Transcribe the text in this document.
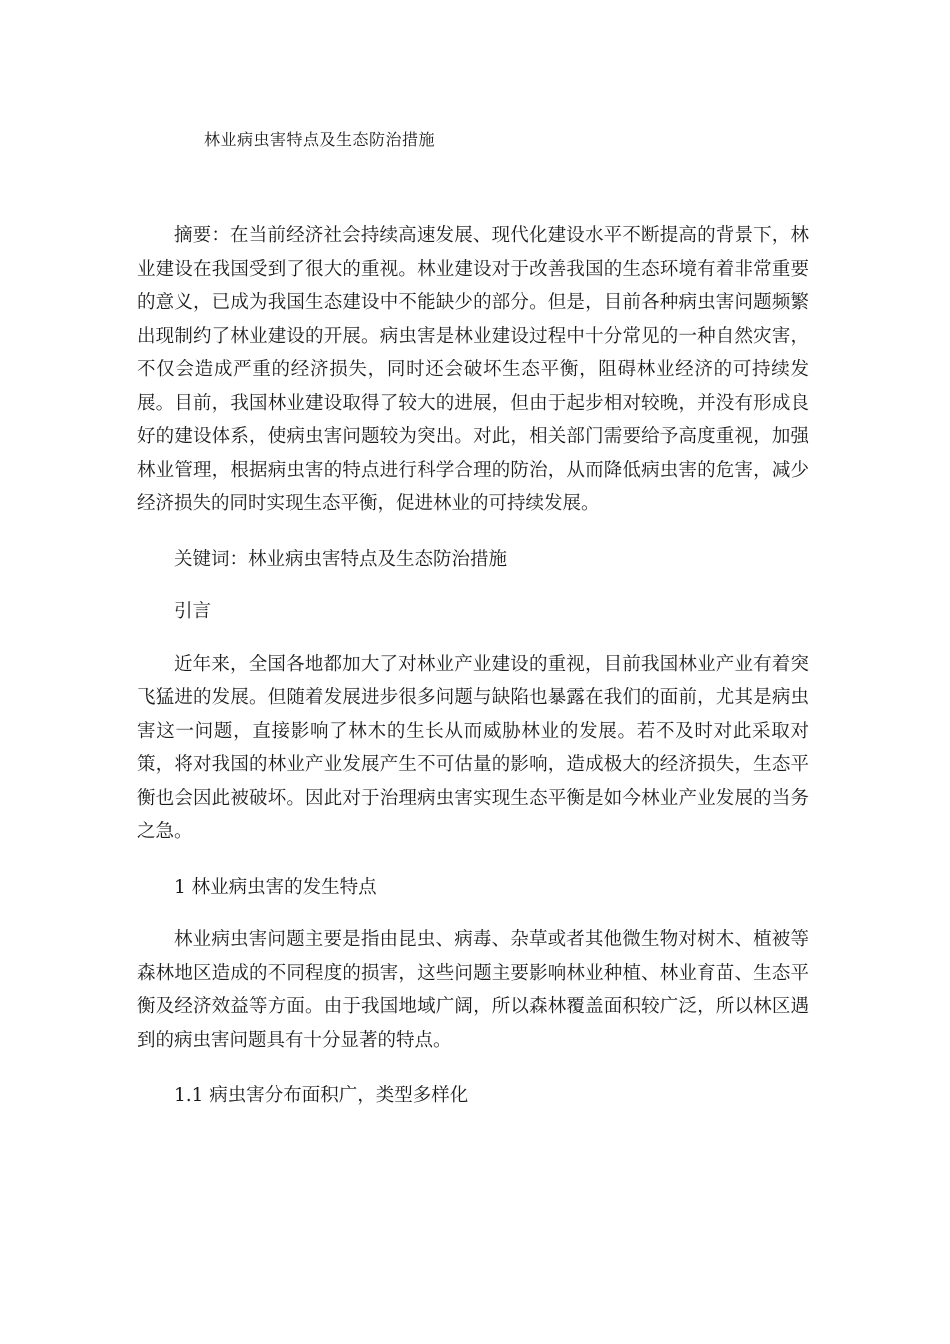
林业病虫害特点及生态防治措施

摘要：在当前经济社会持续高速发展、现代化建设水平不断提高的背景下，林业建设在我国受到了很大的重视。林业建设对于改善我国的生态环境有着非常重要的意义，已成为我国生态建设中不能缺少的部分。但是，目前各种病虫害问题频繁出现制约了林业建设的开展。病虫害是林业建设过程中十分常见的一种自然灾害，不仅会造成严重的经济损失，同时还会破坏生态平衡，阻碍林业经济的可持续发展。目前，我国林业建设取得了较大的进展，但由于起步相对较晚，并没有形成良好的建设体系，使病虫害问题较为突出。对此，相关部门需要给予高度重视，加强林业管理，根据病虫害的特点进行科学合理的防治，从而降低病虫害的危害，减少经济损失的同时实现生态平衡，促进林业的可持续发展。

关键词：林业病虫害特点及生态防治措施

引言

近年来，全国各地都加大了对林业产业建设的重视，目前我国林业产业有着突飞猛进的发展。但随着发展进步很多问题与缺陷也暴露在我们的面前，尤其是病虫害这一问题，直接影响了林木的生长从而威胁林业的发展。若不及时对此采取对策，将对我国的林业产业发展产生不可估量的影响，造成极大的经济损失，生态平衡也会因此被破坏。因此对于治理病虫害实现生态平衡是如今林业产业发展的当务之急。

1 林业病虫害的发生特点

林业病虫害问题主要是指由昆虫、病毒、杂草或者其他微生物对树木、植被等森林地区造成的不同程度的损害，这些问题主要影响林业种植、林业育苗、生态平衡及经济效益等方面。由于我国地域广阔，所以森林覆盖面积较广泛，所以林区遇到的病虫害问题具有十分显著的特点。

1.1 病虫害分布面积广，类型多样化
